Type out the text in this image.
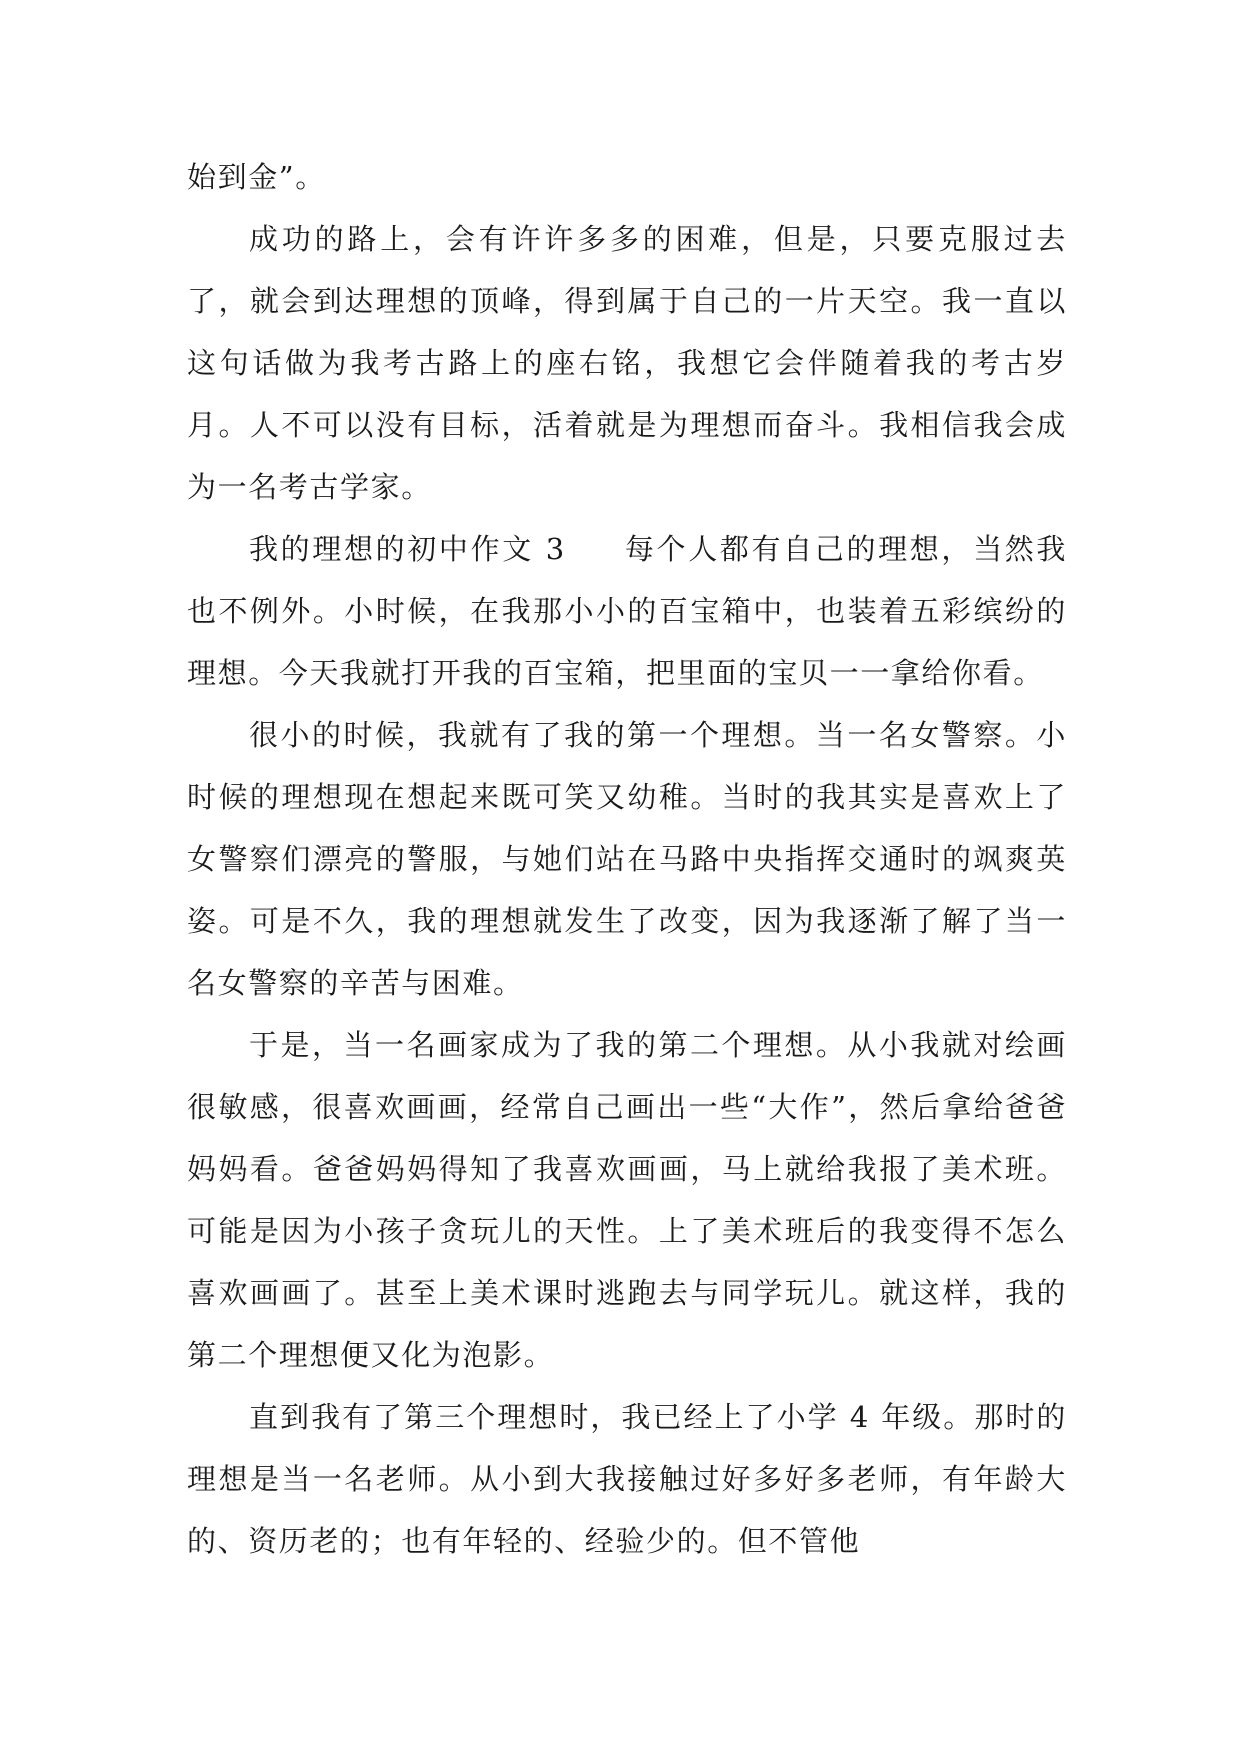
始到金”。

成功的路上，会有许许多多的困难，但是，只要克服过去了，就会到达理想的顶峰，得到属于自己的一片天空。我一直以这句话做为我考古路上的座右铭，我想它会伴随着我的考古岁月。人不可以没有目标，活着就是为理想而奋斗。我相信我会成为一名考古学家。

我的理想的初中作文 3 每个人都有自己的理想，当然我也不例外。小时候，在我那小小的百宝箱中，也装着五彩缤纷的理想。今天我就打开我的百宝箱，把里面的宝贝一一拿给你看。

很小的时候，我就有了我的第一个理想。当一名女警察。小时候的理想现在想起来既可笑又幼稚。当时的我其实是喜欢上了女警察们漂亮的警服，与她们站在马路中央指挥交通时的飒爽英姿。可是不久，我的理想就发生了改变，因为我逐渐了解了当一名女警察的辛苦与困难。

于是，当一名画家成为了我的第二个理想。从小我就对绘画很敏感，很喜欢画画，经常自己画出一些“大作”，然后拿给爸爸妈妈看。爸爸妈妈得知了我喜欢画画，马上就给我报了美术班。可能是因为小孩子贪玩儿的天性。上了美术班后的我变得不怎么喜欢画画了。甚至上美术课时逃跑去与同学玩儿。就这样，我的第二个理想便又化为泡影。

直到我有了第三个理想时，我已经上了小学 4 年级。那时的理想是当一名老师。从小到大我接触过好多好多老师，有年龄大的、资历老的；也有年轻的、经验少的。但不管他
